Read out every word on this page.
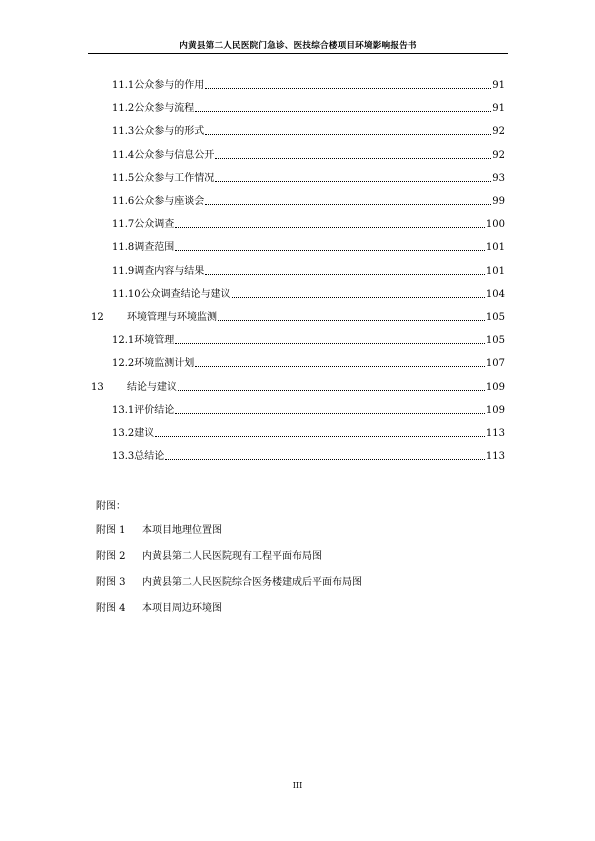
内黄县第二人民医院门急诊、医技综合楼项目环境影响报告书
11.1 公众参与的作用	91
11.2 公众参与流程	91
11.3 公众参与的形式	92
11.4 公众参与信息公开	92
11.5 公众参与工作情况	93
11.6 公众参与座谈会	99
11.7 公众调查	100
11.8 调查范围	101
11.9 调查内容与结果	101
11.10 公众调查结论与建议	104
12	环境管理与环境监测	105
12.1 环境管理	105
12.2 环境监测计划	107
13	结论与建议	109
13.1 评价结论	109
13.2 建议	113
13.3 总结论	113
附图：
附图 1 本项目地理位置图
附图 2 内黄县第二人民医院现有工程平面布局图
附图 3 内黄县第二人民医院综合医务楼建成后平面布局图
附图 4 本项目周边环境图
III
